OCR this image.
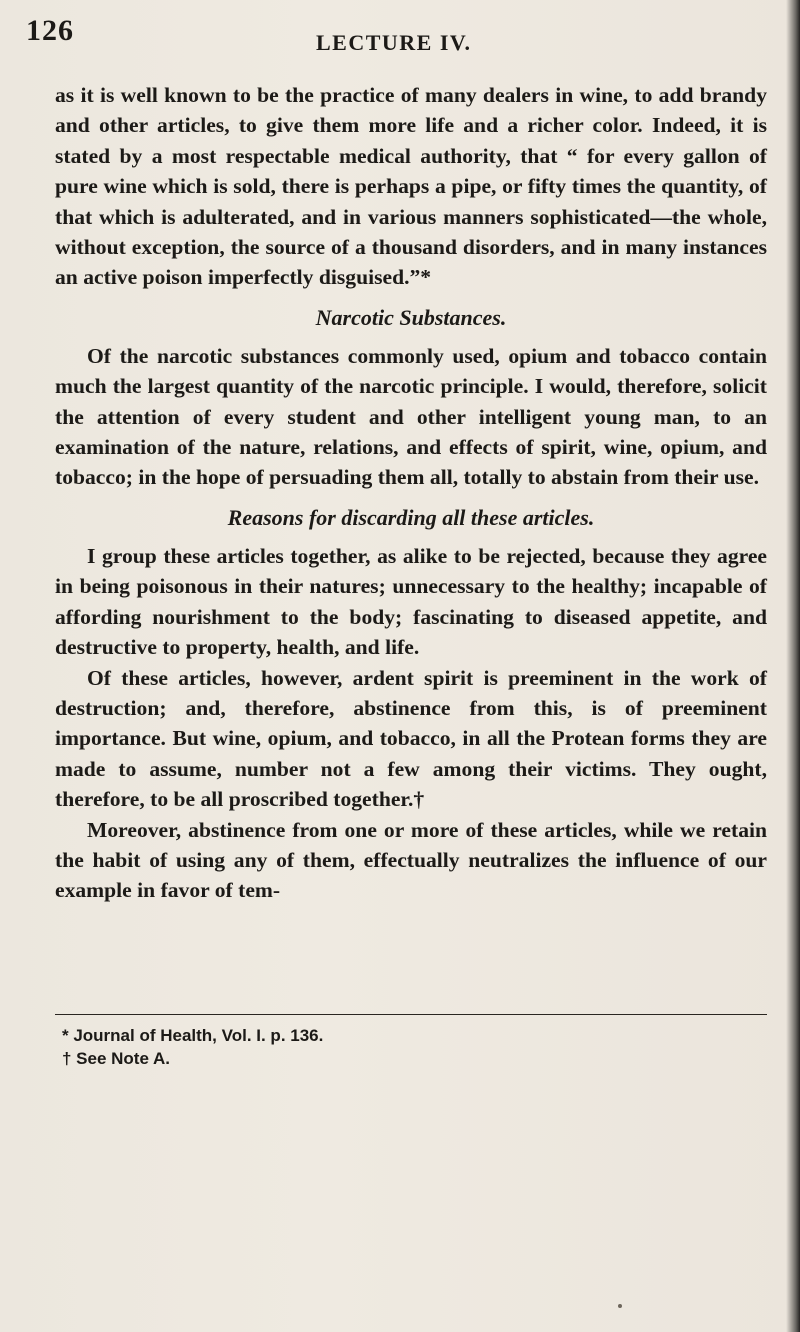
126	LECTURE IV.

as it is well known to be the practice of many dealers in wine, to add brandy and other articles, to give them more life and a richer color. Indeed, it is stated by a most respectable medical authority, that “ for every gallon of pure wine which is sold, there is perhaps a pipe, or fifty times the quantity, of that which is adulterated, and in various manners sophisticated—the whole, without exception, the source of a thousand disorders, and in many instances an active poison imperfectly disguised.”*

Narcotic Substances.

Of the narcotic substances commonly used, opium and tobacco contain much the largest quantity of the narcotic principle. I would, therefore, solicit the attention of every student and other intelligent young man, to an examination of the nature, relations, and effects of spirit, wine, opium, and tobacco; in the hope of persuading them all, totally to abstain from their use.

Reasons for discarding all these articles.

I group these articles together, as alike to be rejected, because they agree in being poisonous in their natures; unnecessary to the healthy; incapable of affording nourishment to the body; fascinating to diseased appetite, and destructive to property, health, and life.

Of these articles, however, ardent spirit is preeminent in the work of destruction; and, therefore, abstinence from this, is of preeminent importance. But wine, opium, and tobacco, in all the Protean forms they are made to assume, number not a few among their victims. They ought, therefore, to be all proscribed together.†

Moreover, abstinence from one or more of these articles, while we retain the habit of using any of them, effectually neutralizes the influence of our example in favor of tem-

* Journal of Health, Vol. I. p. 136.

† See Note A.
